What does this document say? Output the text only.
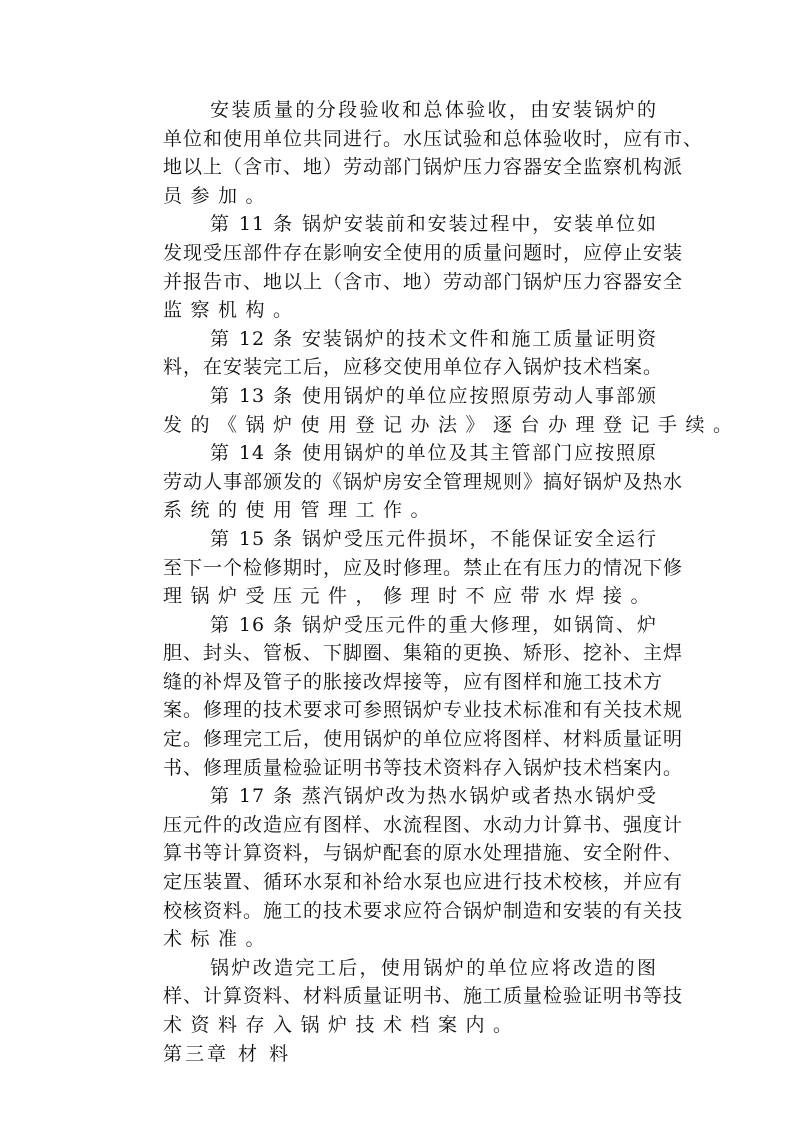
安装质量的分段验收和总体验收，由安装锅炉的
单位和使用单位共同进行。水压试验和总体验收时，应有市、
地以上（含市、地）劳动部门锅炉压力容器安全监察机构派
员参加。
第 11 条 锅炉安装前和安装过程中，安装单位如
发现受压部件存在影响安全使用的质量问题时，应停止安装
并报告市、地以上（含市、地）劳动部门锅炉压力容器安全
监察机构。
第 12 条 安装锅炉的技术文件和施工质量证明资
料，在安装完工后，应移交使用单位存入锅炉技术档案。
第 13 条 使用锅炉的单位应按照原劳动人事部颁
发的《锅炉使用登记办法》逐台办理登记手续。
第 14 条 使用锅炉的单位及其主管部门应按照原
劳动人事部颁发的《锅炉房安全管理规则》搞好锅炉及热水
系统的使用管理工作。
第 15 条 锅炉受压元件损坏，不能保证安全运行
至下一个检修期时，应及时修理。禁止在有压力的情况下修
理锅炉受压元件，修理时不应带水焊接。
第 16 条 锅炉受压元件的重大修理，如锅筒、炉
胆、封头、管板、下脚圈、集箱的更换、矫形、挖补、主焊
缝的补焊及管子的胀接改焊接等，应有图样和施工技术方
案。修理的技术要求可参照锅炉专业技术标准和有关技术规
定。修理完工后，使用锅炉的单位应将图样、材料质量证明
书、修理质量检验证明书等技术资料存入锅炉技术档案内。
第 17 条 蒸汽锅炉改为热水锅炉或者热水锅炉受
压元件的改造应有图样、水流程图、水动力计算书、强度计
算书等计算资料，与锅炉配套的原水处理措施、安全附件、
定压装置、循环水泵和补给水泵也应进行技术校核，并应有
校核资料。施工的技术要求应符合锅炉制造和安装的有关技
术标准。
锅炉改造完工后，使用锅炉的单位应将改造的图
样、计算资料、材料质量证明书、施工质量检验证明书等技
术资料存入锅炉技术档案内。
第三章 材 料
